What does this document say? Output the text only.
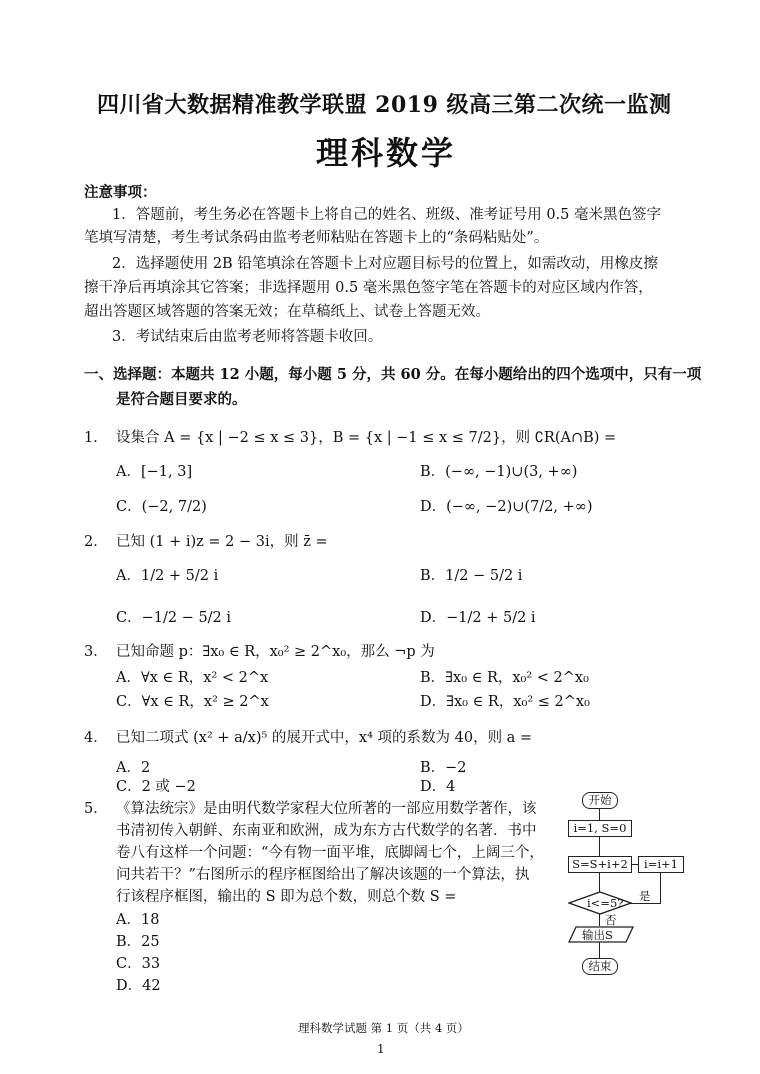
四川省大数据精准教学联盟 2019 级高三第二次统一监测
理科数学
注意事项：
1．答题前，考生务必在答题卡上将自己的姓名、班级、准考证号用 0.5 毫米黑色签字
笔填写清楚，考生考试条码由监考老师粘贴在答题卡上的“条码粘贴处”。
2．选择题使用 2B 铅笔填涂在答题卡上对应题目标号的位置上，如需改动，用橡皮擦
擦干净后再填涂其它答案；非选择题用 0.5 毫米黑色签字笔在答题卡的对应区域内作答，
超出答题区域答题的答案无效；在草稿纸上、试卷上答题无效。
3．考试结束后由监考老师将答题卡收回。
一、选择题：本题共 12 小题，每小题 5 分，共 60 分。在每小题给出的四个选项中，只有一项
是符合题目要求的。
1． 设集合 A = {x | −2 ≤ x ≤ 3}，B = {x | −1 ≤ x ≤ 7/2}，则 ∁R(A∩B) =
A．[−1, 3]	B．(−∞, −1)∪(3, +∞)
C．(−2, 7/2)	D．(−∞, −2)∪(7/2, +∞)
2． 已知 (1 + i)z = 2 − 3i，则 z̄ =
A．1/2 + 5/2 i	B．1/2 − 5/2 i
C．−1/2 − 5/2 i	D．−1/2 + 5/2 i
3． 已知命题 p：∃x₀ ∈ R，x₀² ≥ 2^x₀，那么 ¬p 为
A．∀x ∈ R，x² < 2^x	B．∃x₀ ∈ R，x₀² < 2^x₀
C．∀x ∈ R，x² ≥ 2^x	D．∃x₀ ∈ R，x₀² ≤ 2^x₀
4． 已知二项式 (x² + a/x)⁵ 的展开式中，x⁴ 项的系数为 40，则 a =
A．2	B．−2
C．2 或 −2	D．4
5． 《算法统宗》是由明代数学家程大位所著的一部应用数学著作，该
书清初传入朝鲜、东南亚和欧洲，成为东方古代数学的名著．书中
卷八有这样一个问题：“今有物一面平堆，底脚阔七个，上阔三个，
问共若干？”右图所示的程序框图给出了解决该题的一个算法，执
行该程序框图，输出的 S 即为总个数，则总个数 S =
A．18
B．25
C．33
D．42
开始
i=1, S=0
S=S+i+2	i=i+1
i<=5? 是
否
输出S
结束
理科数学试题 第 1 页（共 4 页）
1
